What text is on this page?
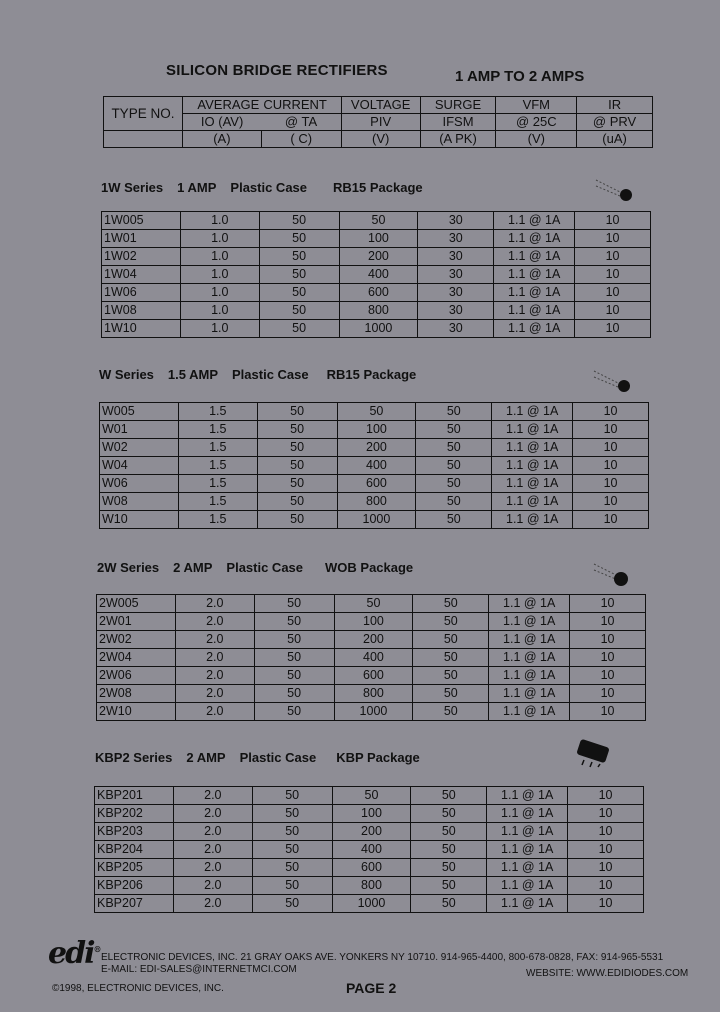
SILICON BRIDGE RECTIFIERS	1 AMP TO 2 AMPS
TYPE NO.	AVERAGE	CURRENT	VOLTAGE	SURGE	VFM	IR
	IO (AV)	@ TA	PIV	IFSM	@ 25C	@ PRV
	(A)	( C)	(V)	(A PK)	(V)	(uA)
1W Series 1 AMP Plastic Case RB15 Package
1W005	1.0	50	50	30	1.1 @ 1A	10
1W01	1.0	50	100	30	1.1 @ 1A	10
1W02	1.0	50	200	30	1.1 @ 1A	10
1W04	1.0	50	400	30	1.1 @ 1A	10
1W06	1.0	50	600	30	1.1 @ 1A	10
1W08	1.0	50	800	30	1.1 @ 1A	10
1W10	1.0	50	1000	30	1.1 @ 1A	10
W Series 1.5 AMP Plastic Case RB15 Package
W005	1.5	50	50	50	1.1 @ 1A	10
W01	1.5	50	100	50	1.1 @ 1A	10
W02	1.5	50	200	50	1.1 @ 1A	10
W04	1.5	50	400	50	1.1 @ 1A	10
W06	1.5	50	600	50	1.1 @ 1A	10
W08	1.5	50	800	50	1.1 @ 1A	10
W10	1.5	50	1000	50	1.1 @ 1A	10
2W Series 2 AMP Plastic Case WOB Package
2W005	2.0	50	50	50	1.1 @ 1A	10
2W01	2.0	50	100	50	1.1 @ 1A	10
2W02	2.0	50	200	50	1.1 @ 1A	10
2W04	2.0	50	400	50	1.1 @ 1A	10
2W06	2.0	50	600	50	1.1 @ 1A	10
2W08	2.0	50	800	50	1.1 @ 1A	10
2W10	2.0	50	1000	50	1.1 @ 1A	10
KBP2 Series 2 AMP Plastic Case KBP Package
KBP201	2.0	50	50	50	1.1 @ 1A	10
KBP202	2.0	50	100	50	1.1 @ 1A	10
KBP203	2.0	50	200	50	1.1 @ 1A	10
KBP204	2.0	50	400	50	1.1 @ 1A	10
KBP205	2.0	50	600	50	1.1 @ 1A	10
KBP206	2.0	50	800	50	1.1 @ 1A	10
KBP207	2.0	50	1000	50	1.1 @ 1A	10
edi®
ELECTRONIC DEVICES, INC. 21 GRAY OAKS AVE. YONKERS NY 10710. 914-965-4400, 800-678-0828, FAX: 914-965-5531
E-MAIL: EDI-SALES@INTERNETMCI.COM	WEBSITE: WWW.EDIDIODES.COM
©1998, ELECTRONIC DEVICES, INC.	PAGE 2
